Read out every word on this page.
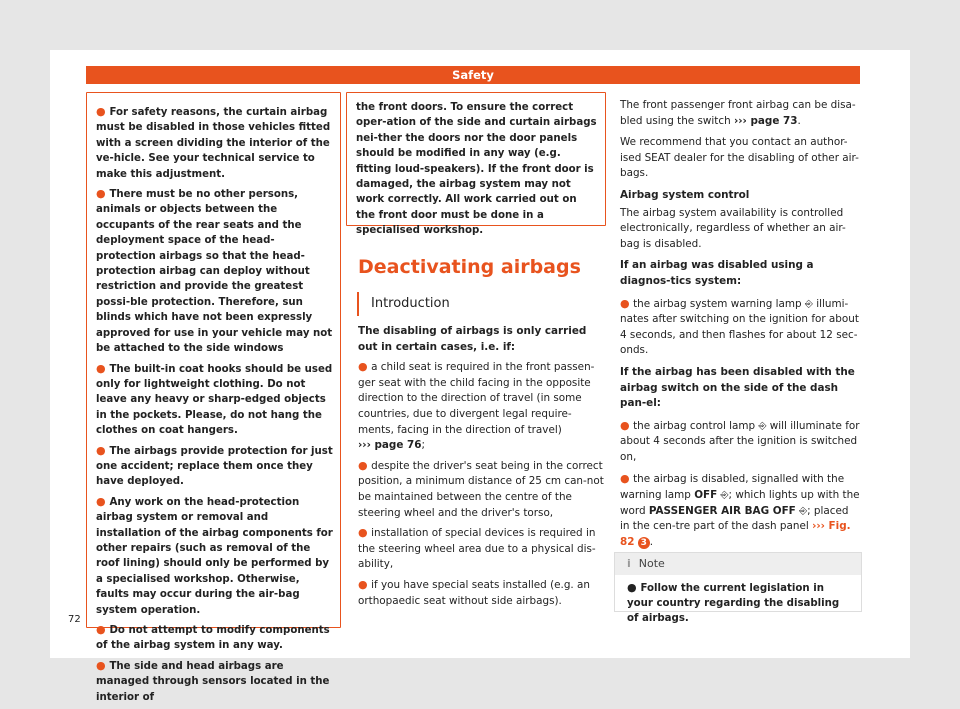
Safety

● For safety reasons, the curtain airbag must be disabled in those vehicles fitted with a screen dividing the interior of the ve-hicle. See your technical service to make this adjustment.

● There must be no other persons, animals or objects between the occupants of the rear seats and the deployment space of the head-protection airbags so that the head-protection airbag can deploy without restriction and provide the greatest possi-ble protection. Therefore, sun blinds which have not been expressly approved for use in your vehicle may not be attached to the side windows

● The built-in coat hooks should be used only for lightweight clothing. Do not leave any heavy or sharp-edged objects in the pockets. Please, do not hang the clothes on coat hangers.

● The airbags provide protection for just one accident; replace them once they have deployed.

● Any work on the head-protection airbag system or removal and installation of the airbag components for other repairs (such as removal of the roof lining) should only be performed by a specialised workshop. Otherwise, faults may occur during the air-bag system operation.

● Do not attempt to modify components of the airbag system in any way.

● The side and head airbags are managed through sensors located in the interior of

the front doors. To ensure the correct oper-ation of the side and curtain airbags nei-ther the doors nor the door panels should be modified in any way (e.g. fitting loud-speakers). If the front door is damaged, the airbag system may not work correctly. All work carried out on the front door must be done in a specialised workshop.

Deactivating airbags
Introduction

The disabling of airbags is only carried out in certain cases, i.e. if:

● a child seat is required in the front passen-ger seat with the child facing in the opposite direction to the direction of travel (in some countries, due to divergent legal require-ments, facing in the direction of travel)
››› page 76;

● despite the driver's seat being in the correct position, a minimum distance of 25 cm can-not be maintained between the centre of the steering wheel and the driver's torso,

● installation of special devices is required in the steering wheel area due to a physical dis-ability,

● if you have special seats installed (e.g. an orthopaedic seat without side airbags).

The front passenger front airbag can be disa-bled using the switch ››› page 73.

We recommend that you contact an author-ised SEAT dealer for the disabling of other air-bags.

Airbag system control

The airbag system availability is controlled electronically, regardless of whether an air-bag is disabled.

If an airbag was disabled using a diagnos-tics system:

● the airbag system warning lamp ⎆ illumi-nates after switching on the ignition for about 4 seconds, and then flashes for about 12 sec-onds.

If the airbag has been disabled with the airbag switch on the side of the dash pan-el:

● the airbag control lamp ⎆ will illuminate for about 4 seconds after the ignition is switched on,

● the airbag is disabled, signalled with the warning lamp OFF ⎆; which lights up with the word PASSENGER AIR BAG OFF ⎆; placed in the cen-tre part of the dash panel ››› Fig. 82 3 .

i Note
● Follow the current legislation in your country regarding the disabling of airbags.
72
